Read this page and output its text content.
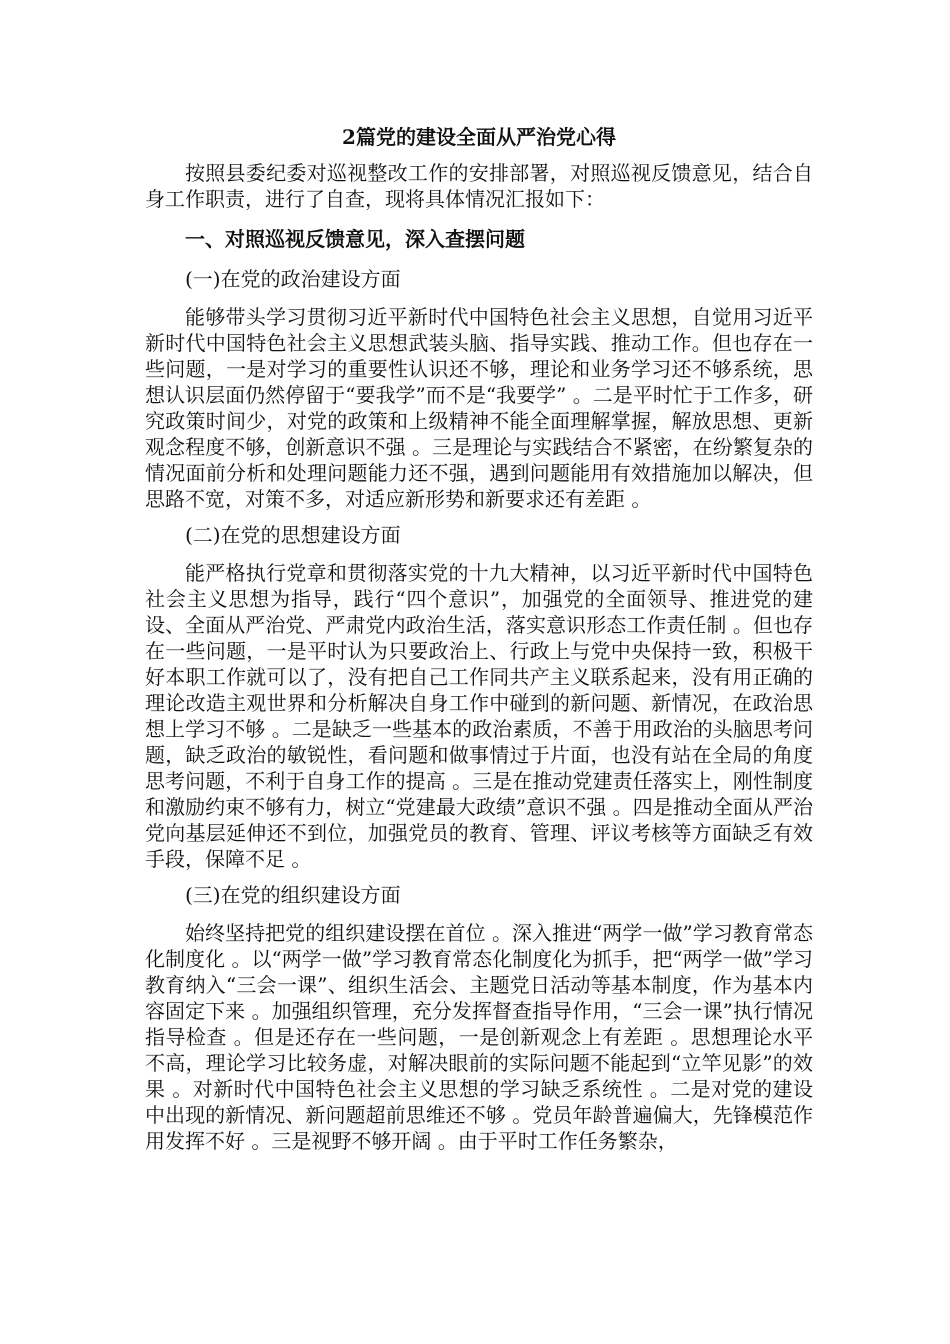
2篇党的建设全面从严治党心得

按照县委纪委对巡视整改工作的安排部署，对照巡视反馈意见，结合自身工作职责，进行了自查，现将具体情况汇报如下：

一、对照巡视反馈意见，深入查摆问题

(一)在党的政治建设方面

能够带头学习贯彻习近平新时代中国特色社会主义思想，自觉用习近平新时代中国特色社会主义思想武装头脑、指导实践、推动工作。但也存在一些问题，一是对学习的重要性认识还不够，理论和业务学习还不够系统，思想认识层面仍然停留于“要我学”而不是“我要学” 。二是平时忙于工作多，研究政策时间少，对党的政策和上级精神不能全面理解掌握，解放思想、更新观念程度不够，创新意识不强 。三是理论与实践结合不紧密，在纷繁复杂的情况面前分析和处理问题能力还不强，遇到问题能用有效措施加以解决，但思路不宽，对策不多，对适应新形势和新要求还有差距 。

(二)在党的思想建设方面

能严格执行党章和贯彻落实党的十九大精神，以习近平新时代中国特色社会主义思想为指导，践行“四个意识”，加强党的全面领导、推进党的建设、全面从严治党、严肃党内政治生活，落实意识形态工作责任制 。但也存在一些问题，一是平时认为只要政治上、行政上与党中央保持一致，积极干好本职工作就可以了，没有把自己工作同共产主义联系起来，没有用正确的理论改造主观世界和分析解决自身工作中碰到的新问题、新情况，在政治思想上学习不够 。二是缺乏一些基本的政治素质，不善于用政治的头脑思考问题，缺乏政治的敏锐性，看问题和做事情过于片面，也没有站在全局的角度思考问题，不利于自身工作的提高 。三是在推动党建责任落实上，刚性制度和激励约束不够有力，树立“党建最大政绩”意识不强 。四是推动全面从严治党向基层延伸还不到位，加强党员的教育、管理、评议考核等方面缺乏有效手段，保障不足 。

(三)在党的组织建设方面

始终坚持把党的组织建设摆在首位 。深入推进“两学一做”学习教育常态化制度化 。以“两学一做”学习教育常态化制度化为抓手，把“两学一做”学习教育纳入“三会一课”、组织生活会、主题党日活动等基本制度，作为基本内容固定下来 。加强组织管理，充分发挥督查指导作用，“三会一课”执行情况指导检查 。但是还存在一些问题，一是创新观念上有差距 。思想理论水平不高，理论学习比较务虚，对解决眼前的实际问题不能起到“立竿见影”的效果 。对新时代中国特色社会主义思想的学习缺乏系统性 。二是对党的建设中出现的新情况、新问题超前思维还不够 。党员年龄普遍偏大，先锋模范作用发挥不好 。三是视野不够开阔 。由于平时工作任务繁杂，
